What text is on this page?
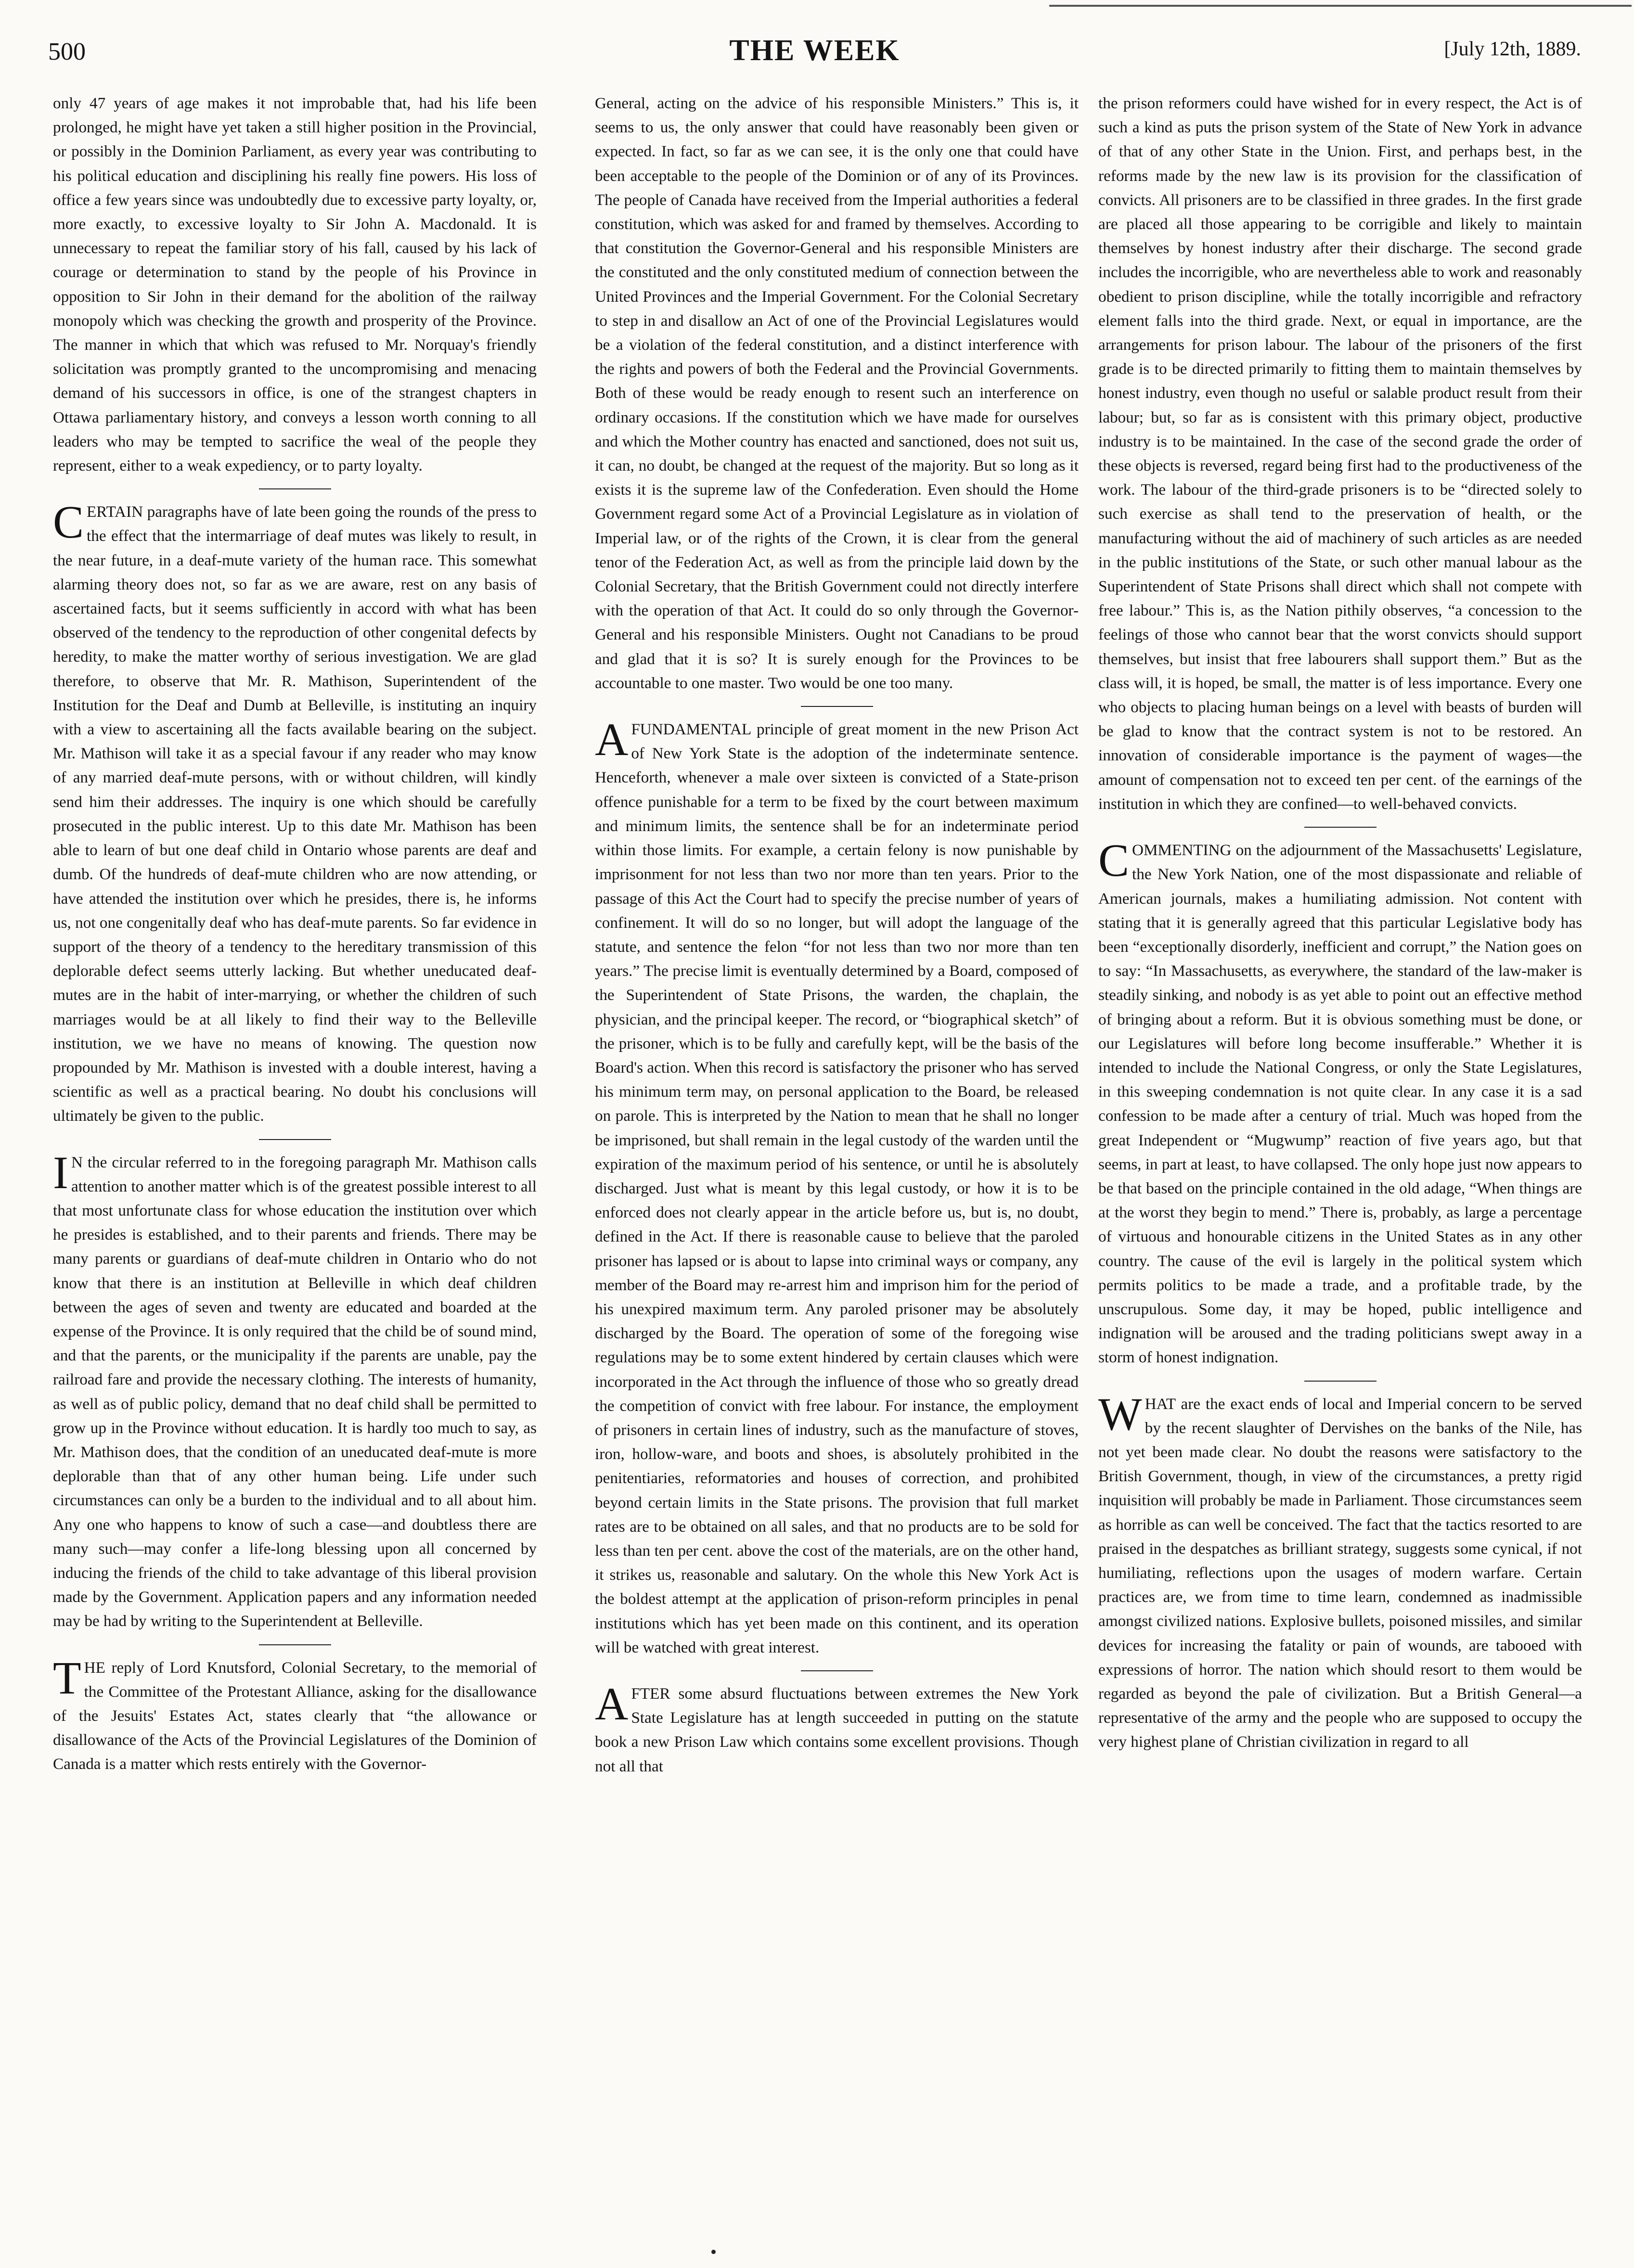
500	THE WEEK	[July 12th, 1889.

only 47 years of age makes it not improbable that, had his life been prolonged, he might have yet taken a still higher position in the Provincial, or possibly in the Dominion Parliament, as every year was contributing to his political education and disciplining his really fine powers. His loss of office a few years since was undoubtedly due to excessive party loyalty, or, more exactly, to excessive loyalty to Sir John A. Macdonald. It is unnecessary to repeat the familiar story of his fall, caused by his lack of courage or determination to stand by the people of his Province in opposition to Sir John in their demand for the abolition of the railway monopoly which was checking the growth and prosperity of the Province. The manner in which that which was refused to Mr. Norquay's friendly solicitation was promptly granted to the uncompromising and menacing demand of his successors in office, is one of the strangest chapters in Ottawa parliamentary history, and conveys a lesson worth conning to all leaders who may be tempted to sacrifice the weal of the people they represent, either to a weak expediency, or to party loyalty.

CERTAIN paragraphs have of late been going the rounds of the press to the effect that the intermarriage of deaf mutes was likely to result, in the near future, in a deaf-mute variety of the human race. This somewhat alarming theory does not, so far as we are aware, rest on any basis of ascertained facts, but it seems sufficiently in accord with what has been observed of the tendency to the reproduction of other congenital defects by heredity, to make the matter worthy of serious investigation. We are glad therefore, to observe that Mr. R. Mathison, Superintendent of the Institution for the Deaf and Dumb at Belleville, is instituting an inquiry with a view to ascertaining all the facts available bearing on the subject. Mr. Mathison will take it as a special favour if any reader who may know of any married deaf-mute persons, with or without children, will kindly send him their addresses. The inquiry is one which should be carefully prosecuted in the public interest. Up to this date Mr. Mathison has been able to learn of but one deaf child in Ontario whose parents are deaf and dumb. Of the hundreds of deaf-mute children who are now attending, or have attended the institution over which he presides, there is, he informs us, not one congenitally deaf who has deaf-mute parents. So far evidence in support of the theory of a tendency to the hereditary transmission of this deplorable defect seems utterly lacking. But whether uneducated deaf-mutes are in the habit of inter-marrying, or whether the children of such marriages would be at all likely to find their way to the Belleville institution, we we have no means of knowing. The question now propounded by Mr. Mathison is invested with a double interest, having a scientific as well as a practical bearing. No doubt his conclusions will ultimately be given to the public.

IN the circular referred to in the foregoing paragraph Mr. Mathison calls attention to another matter which is of the greatest possible interest to all that most unfortunate class for whose education the institution over which he presides is established, and to their parents and friends. There may be many parents or guardians of deaf-mute children in Ontario who do not know that there is an institution at Belleville in which deaf children between the ages of seven and twenty are educated and boarded at the expense of the Province. It is only required that the child be of sound mind, and that the parents, or the municipality if the parents are unable, pay the railroad fare and provide the necessary clothing. The interests of humanity, as well as of public policy, demand that no deaf child shall be permitted to grow up in the Province without education. It is hardly too much to say, as Mr. Mathison does, that the condition of an uneducated deaf-mute is more deplorable than that of any other human being. Life under such circumstances can only be a burden to the individual and to all about him. Any one who happens to know of such a case—and doubtless there are many such—may confer a life-long blessing upon all concerned by inducing the friends of the child to take advantage of this liberal provision made by the Government. Application papers and any information needed may be had by writing to the Superintendent at Belleville.

THE reply of Lord Knutsford, Colonial Secretary, to the memorial of the Committee of the Protestant Alliance, asking for the disallowance of the Jesuits' Estates Act, states clearly that “the allowance or disallowance of the Acts of the Provincial Legislatures of the Dominion of Canada is a matter which rests entirely with the Governor-

General, acting on the advice of his responsible Ministers.” This is, it seems to us, the only answer that could have reasonably been given or expected. In fact, so far as we can see, it is the only one that could have been acceptable to the people of the Dominion or of any of its Provinces. The people of Canada have received from the Imperial authorities a federal constitution, which was asked for and framed by themselves. According to that constitution the Governor-General and his responsible Ministers are the constituted and the only constituted medium of connection between the United Provinces and the Imperial Government. For the Colonial Secretary to step in and disallow an Act of one of the Provincial Legislatures would be a violation of the federal constitution, and a distinct interference with the rights and powers of both the Federal and the Provincial Governments. Both of these would be ready enough to resent such an interference on ordinary occasions. If the constitution which we have made for ourselves and which the Mother country has enacted and sanctioned, does not suit us, it can, no doubt, be changed at the request of the majority. But so long as it exists it is the supreme law of the Confederation. Even should the Home Government regard some Act of a Provincial Legislature as in violation of Imperial law, or of the rights of the Crown, it is clear from the general tenor of the Federation Act, as well as from the principle laid down by the Colonial Secretary, that the British Government could not directly interfere with the operation of that Act. It could do so only through the Governor-General and his responsible Ministers. Ought not Canadians to be proud and glad that it is so? It is surely enough for the Provinces to be accountable to one master. Two would be one too many.

AFUNDAMENTAL principle of great moment in the new Prison Act of New York State is the adoption of the indeterminate sentence. Henceforth, whenever a male over sixteen is convicted of a State-prison offence punishable for a term to be fixed by the court between maximum and minimum limits, the sentence shall be for an indeterminate period within those limits. For example, a certain felony is now punishable by imprisonment for not less than two nor more than ten years. Prior to the passage of this Act the Court had to specify the precise number of years of confinement. It will do so no longer, but will adopt the language of the statute, and sentence the felon “for not less than two nor more than ten years.” The precise limit is eventually determined by a Board, composed of the Superintendent of State Prisons, the warden, the chaplain, the physician, and the principal keeper. The record, or “biographical sketch” of the prisoner, which is to be fully and carefully kept, will be the basis of the Board's action. When this record is satisfactory the prisoner who has served his minimum term may, on personal application to the Board, be released on parole. This is interpreted by the Nation to mean that he shall no longer be imprisoned, but shall remain in the legal custody of the warden until the expiration of the maximum period of his sentence, or until he is absolutely discharged. Just what is meant by this legal custody, or how it is to be enforced does not clearly appear in the article before us, but is, no doubt, defined in the Act. If there is reasonable cause to believe that the paroled prisoner has lapsed or is about to lapse into criminal ways or company, any member of the Board may re-arrest him and imprison him for the period of his unexpired maximum term. Any paroled prisoner may be absolutely discharged by the Board. The operation of some of the foregoing wise regulations may be to some extent hindered by certain clauses which were incorporated in the Act through the influence of those who so greatly dread the competition of convict with free labour. For instance, the employment of prisoners in certain lines of industry, such as the manufacture of stoves, iron, hollow-ware, and boots and shoes, is absolutely prohibited in the penitentiaries, reformatories and houses of correction, and prohibited beyond certain limits in the State prisons. The provision that full market rates are to be obtained on all sales, and that no products are to be sold for less than ten per cent. above the cost of the materials, are on the other hand, it strikes us, reasonable and salutary. On the whole this New York Act is the boldest attempt at the application of prison-reform principles in penal institutions which has yet been made on this continent, and its operation will be watched with great interest.

AFTER some absurd fluctuations between extremes the New York State Legislature has at length succeeded in putting on the statute book a new Prison Law which contains some excellent provisions. Though not all that

the prison reformers could have wished for in every respect, the Act is of such a kind as puts the prison system of the State of New York in advance of that of any other State in the Union. First, and perhaps best, in the reforms made by the new law is its provision for the classification of convicts. All prisoners are to be classified in three grades. In the first grade are placed all those appearing to be corrigible and likely to maintain themselves by honest industry after their discharge. The second grade includes the incorrigible, who are nevertheless able to work and reasonably obedient to prison discipline, while the totally incorrigible and refractory element falls into the third grade. Next, or equal in importance, are the arrangements for prison labour. The labour of the prisoners of the first grade is to be directed primarily to fitting them to maintain themselves by honest industry, even though no useful or salable product result from their labour; but, so far as is consistent with this primary object, productive industry is to be maintained. In the case of the second grade the order of these objects is reversed, regard being first had to the productiveness of the work. The labour of the third-grade prisoners is to be “directed solely to such exercise as shall tend to the preservation of health, or the manufacturing without the aid of machinery of such articles as are needed in the public institutions of the State, or such other manual labour as the Superintendent of State Prisons shall direct which shall not compete with free labour.” This is, as the Nation pithily observes, “a concession to the feelings of those who cannot bear that the worst convicts should support themselves, but insist that free labourers shall support them.” But as the class will, it is hoped, be small, the matter is of less importance. Every one who objects to placing human beings on a level with beasts of burden will be glad to know that the contract system is not to be restored. An innovation of considerable importance is the payment of wages—the amount of compensation not to exceed ten per cent. of the earnings of the institution in which they are confined—to well-behaved convicts.

COMMENTING on the adjournment of the Massachusetts' Legislature, the New York Nation, one of the most dispassionate and reliable of American journals, makes a humiliating admission. Not content with stating that it is generally agreed that this particular Legislative body has been “exceptionally disorderly, inefficient and corrupt,” the Nation goes on to say: “In Massachusetts, as everywhere, the standard of the law-maker is steadily sinking, and nobody is as yet able to point out an effective method of bringing about a reform. But it is obvious something must be done, or our Legislatures will before long become insufferable.” Whether it is intended to include the National Congress, or only the State Legislatures, in this sweeping condemnation is not quite clear. In any case it is a sad confession to be made after a century of trial. Much was hoped from the great Independent or “Mugwump” reaction of five years ago, but that seems, in part at least, to have collapsed. The only hope just now appears to be that based on the principle contained in the old adage, “When things are at the worst they begin to mend.” There is, probably, as large a percentage of virtuous and honourable citizens in the United States as in any other country. The cause of the evil is largely in the political system which permits politics to be made a trade, and a profitable trade, by the unscrupulous. Some day, it may be hoped, public intelligence and indignation will be aroused and the trading politicians swept away in a storm of honest indignation.

WHAT are the exact ends of local and Imperial concern to be served by the recent slaughter of Dervishes on the banks of the Nile, has not yet been made clear. No doubt the reasons were satisfactory to the British Government, though, in view of the circumstances, a pretty rigid inquisition will probably be made in Parliament. Those circumstances seem as horrible as can well be conceived. The fact that the tactics resorted to are praised in the despatches as brilliant strategy, suggests some cynical, if not humiliating, reflections upon the usages of modern warfare. Certain practices are, we from time to time learn, condemned as inadmissible amongst civilized nations. Explosive bullets, poisoned missiles, and similar devices for increasing the fatality or pain of wounds, are tabooed with expressions of horror. The nation which should resort to them would be regarded as beyond the pale of civilization. But a British General—a representative of the army and the people who are supposed to occupy the very highest plane of Christian civilization in regard to all
